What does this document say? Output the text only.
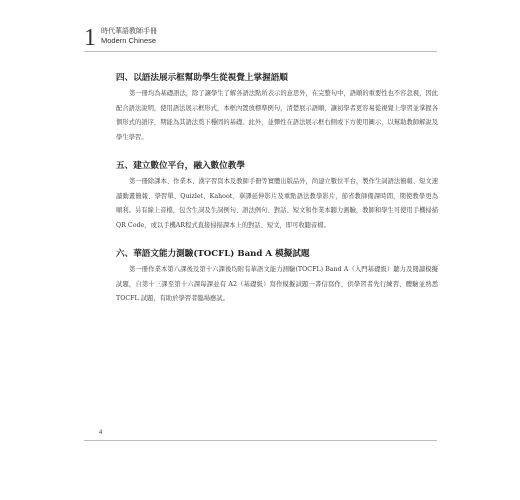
1 時代華語教師手冊
Modern Chinese
四、以語法展示框幫助學生從視覺上掌握語順

第一冊均為基礎語法，除了讓學生了解各語法點所表示的意思外，在完整句中，語順的重要性也不容忽視，因此配合語法說明，使用語法展示框形式，本框內置放標準例句，清楚展示語順，讓初學者更容易從視覺上學習並掌握各個形式的語序，期能為其語法奠下穩固的基礎。此外，並彈性在語法展示框右側或下方使用圖示，以幫助教師解說及學生學習。

五、建立數位平台，融入數位教學

第一冊除課本、作業本、漢字習寫本及教師手冊等實體出版品外，尚建立數位平台，製作生詞語法簡報、短文速讀動畫簡報、學習單、Quizlet、Kahoot、華譯延伸影片及重點語法教學影片，節省教師備課時間，期使教學更為順利。另有線上音檔，包含生詞及生詞例句、語法例句、對話、短文和作業本聽力測驗，教師和學生可使用手機掃描 QR Code，或以手機AR程式直接掃描課本上的對話、短文，即可收聽音檔。

六、華語文能力測驗(TOCFL) Band A 模擬試題

第一冊作業本第八課後及第十六課後均附有華語文能力測驗(TOCFL) Band A（入門基礎級）聽力及閱讀模擬試題，自第十三課至第十六課每課並有 A2（基礎級）寫作模擬試題一書信寫作，供學習者先行練習、體驗並熟悉 TOCFL 試題，有助於學習者臨場應試。

4
